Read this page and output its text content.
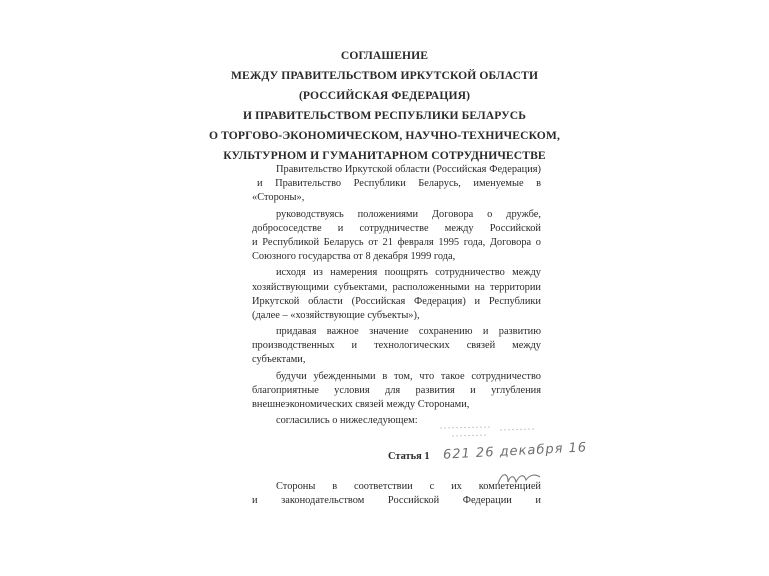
СОГЛАШЕНИЕ
МЕЖДУ ПРАВИТЕЛЬСТВОМ ИРКУТСКОЙ ОБЛАСТИ
(РОССИЙСКАЯ ФЕДЕРАЦИЯ)
И ПРАВИТЕЛЬСТВОМ РЕСПУБЛИКИ БЕЛАРУСЬ
О ТОРГОВО-ЭКОНОМИЧЕСКОМ, НАУЧНО-ТЕХНИЧЕСКОМ,
КУЛЬТУРНОМ И ГУМАНИТАРНОМ СОТРУДНИЧЕСТВЕ
Правительство Иркутской области (Российская Федерация)
и Правительство Республики Беларусь, именуемые в
«Стороны»,
руководствуясь положениями Договора о дружбе,
добрососедстве и сотрудничестве между Российской
и Республикой Беларусь от 21 февраля 1995 года, Договора о
Союзного государства от 8 декабря 1999 года,
исходя из намерения поощрять сотрудничество между
хозяйствующими субъектами, расположенными на территории
Иркутской области (Российская Федерация) и Республики
(далее – «хозяйствующие субъекты»),
придавая важное значение сохранению и развитию
производственных и технологических связей между
субъектами,
будучи убежденными в том, что такое сотрудничество
благоприятные условия для развития и углубления
внешнеэкономических связей между Сторонами,
согласились о нижеследующем:
Статья 1 621 26 декабря 16
Стороны в соответствии с их компетенцией
и законодательством Российской Федерации и
